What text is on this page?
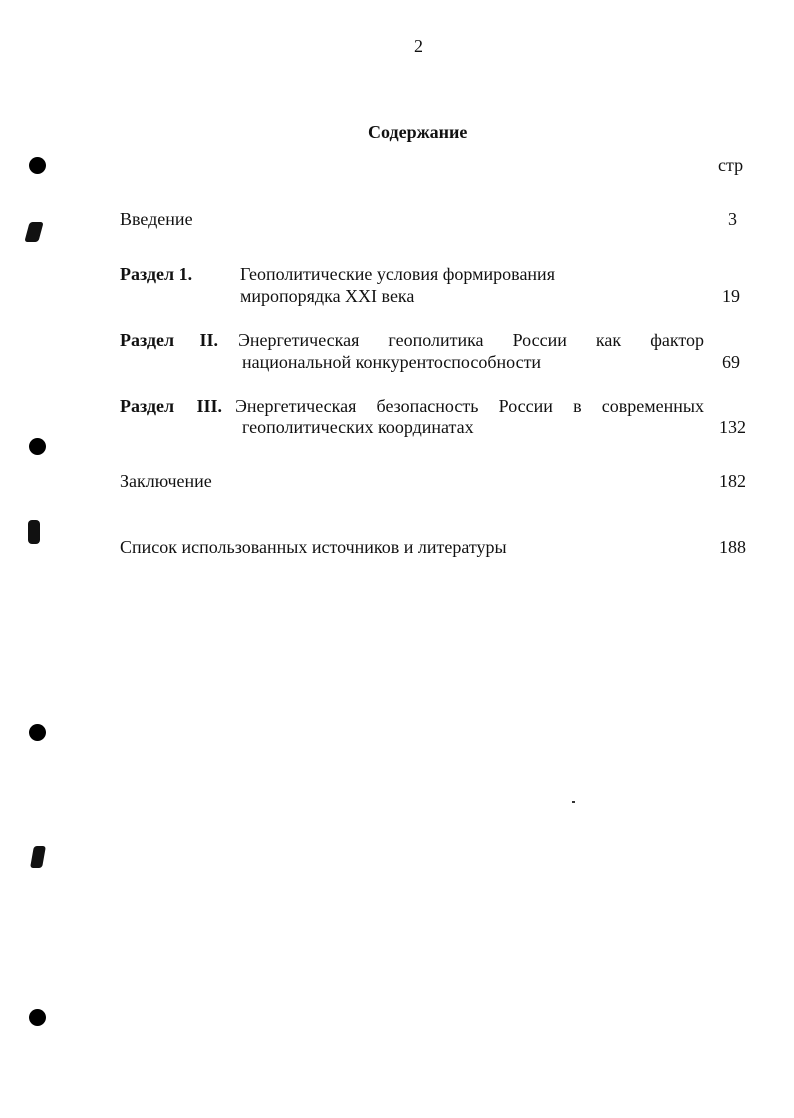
2
Содержание
стр
Введение	3
Раздел 1.	Геополитические условия формирования
миропорядка XXI века	19
Раздел II. Энергетическая геополитика России как фактор
национальной конкурентоспособности	69
Раздел III. Энергетическая безопасность России в современных
геополитических координатах	132
Заключение	182
Список использованных источников и литературы	188
